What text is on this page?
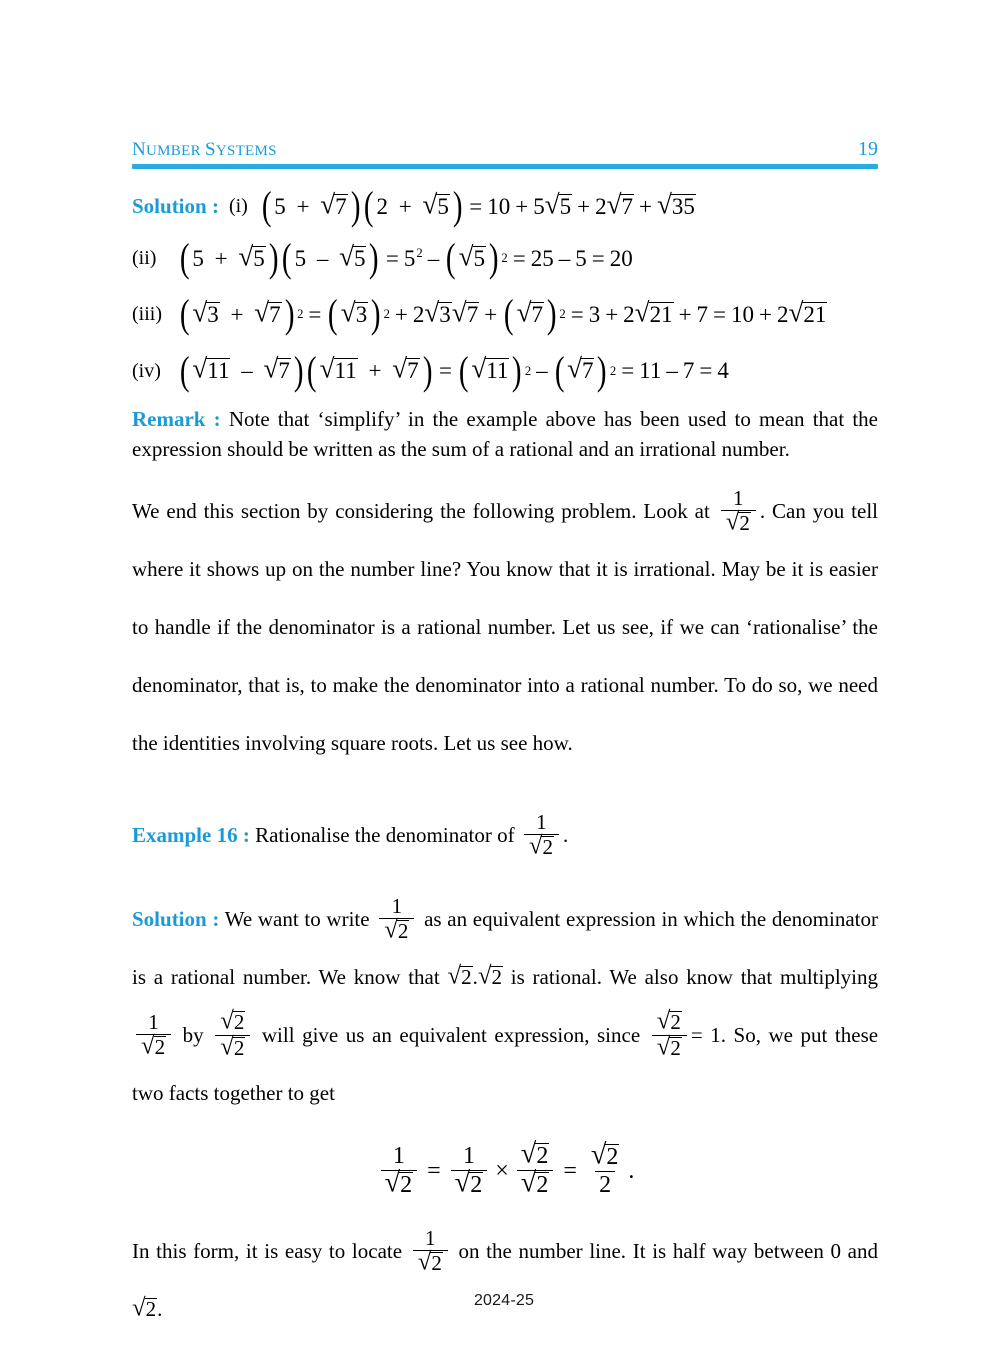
NUMBER SYSTEMS	19
Solution : (i) ( 5 + √ 7 ) ( 2 + √ 5 ) = 10 + 5 √ 5 + 2 √ 7 + √ 35
(ii) ( 5 + √ 5 ) ( 5 – √ 5 ) = $5^2$ – ( √ 5 ) 2 = 25 – 5 = 20
(iii) ( √ 3 + √ 7 ) 2 = ( √ 3 ) 2 + 2 √ 3 √ 7 + ( √ 7 ) 2 = 3 + 2 √ 21 + 7 = 10 + 2 √ 21
(iv) ( √ 11 – √ 7 ) ( √ 11 + √ 7 ) = ( √ 11 ) 2 – ( √ 7 ) 2 = 11 – 7 = 4
Remark : Note that ‘simplify’ in the example above has been used to mean that the expression should be written as the sum of a rational and an irrational number.
We end this section by considering the following problem. Look at $\frac{1}{√ 2}$ . Can you tell where it shows up on the number line? You know that it is irrational. May be it is easier to handle if the denominator is a rational number. Let us see, if we can ‘rationalise’ the denominator, that is, to make the denominator into a rational number. To do so, we need the identities involving square roots. Let us see how.
Example 16 : Rationalise the denominator of $\frac{1}{√ 2}$ .
Solution : We want to write $\frac{1}{√ 2}$ as an equivalent expression in which the denominator is a rational number. We know that √ 2 . √ 2 is rational. We also know that multiplying
$\frac{1}{√ 2}$ by $\frac{√ 2}{√ 2}$ will give us an equivalent expression, since $\frac{√ 2}{√ 2} = 1$. So, we put these two facts together to get
$\frac{1}{√ 2} = \frac{1}{√ 2} \times \frac{√ 2}{√ 2} = \frac{√ 2}{2}$ .
In this form, it is easy to locate $\frac{1}{√ 2}$ on the number line. It is half way between 0 and
√ 2 .	2024-25
